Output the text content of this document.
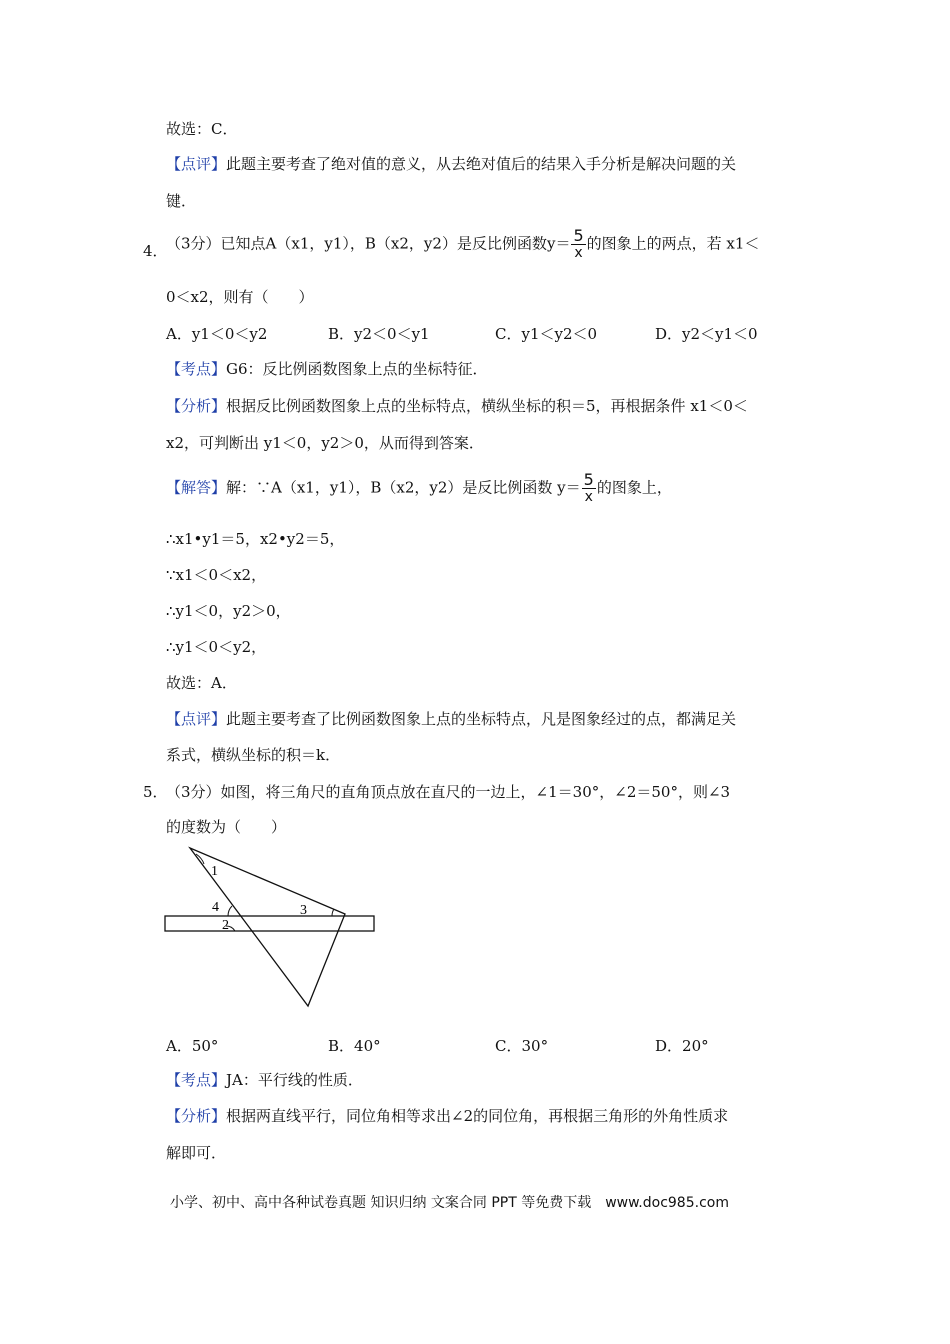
故选：C．
【点评】此题主要考查了绝对值的意义，从去绝对值后的结果入手分析是解决问题的关
键．
4．
（3分）已知点A（x1，y1），B（x2，y2）是反比例函数$y= \frac{5}{x}$ 的图象上的两点，若 x1＜
0＜x2，则有（　　）
A．y1＜0＜y2	B．y2＜0＜y1	C．y1＜y2＜0	D．y2＜y1＜0
【考点】G6：反比例函数图象上点的坐标特征．
【分析】根据反比例函数图象上点的坐标特点，横纵坐标的积＝5，再根据条件 x1＜0＜
x2，可判断出 y1＜0，y2＞0，从而得到答案．
【解答】解：∵A（x1，y1），B（x2，y2）是反比例函数 $y= \frac{5}{x}$ 的图象上，
∴x1•y1＝5，x2•y2＝5，
∵x1＜0＜x2，
∴y1＜0，y2＞0，
∴y1＜0＜y2，
故选：A．
【点评】此题主要考查了比例函数图象上点的坐标特点，凡是图象经过的点，都满足关
系式，横纵坐标的积＝k．
5．
（3分）如图，将三角尺的直角顶点放在直尺的一边上，∠1＝30°，∠2＝50°，则∠3
的度数为（　　）
1
4
2
3
A．50°	B．40°	C．30°	D．20°
【考点】JA：平行线的性质．
【分析】根据两直线平行，同位角相等求出∠2的同位角，再根据三角形的外角性质求
解即可．
小学、初中、高中各种试卷真题 知识归纳 文案合同 PPT 等免费下载　www.doc985.com
